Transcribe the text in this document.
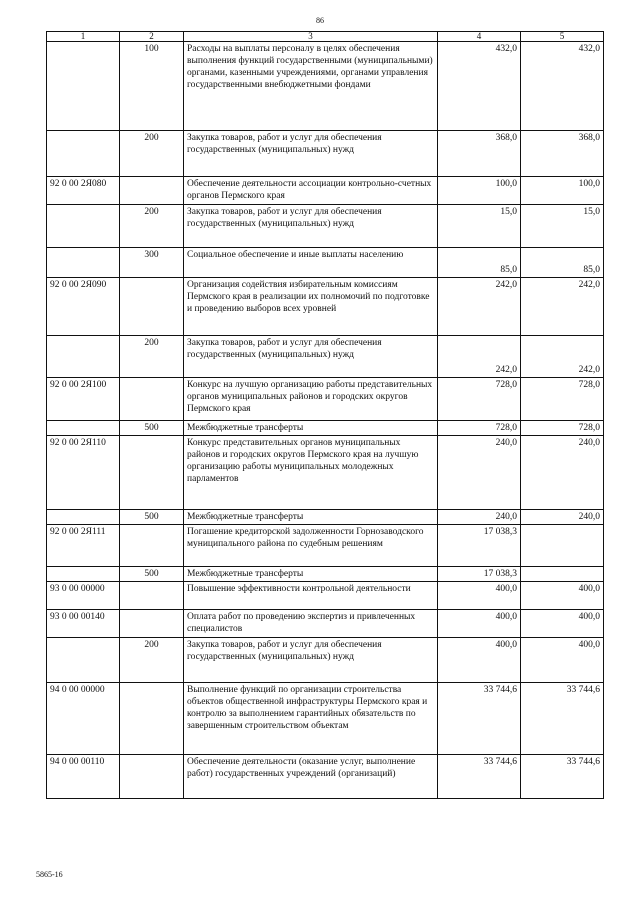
86
1	2	3	4	5
	100	Расходы на выплаты персоналу в целях обеспечения выполнения функций государственными (муниципальными) органами, казенными учреждениями, органами управления государственными внебюджетными фондами	432,0	432,0
	200	Закупка товаров, работ и услуг для обеспечения государственных (муниципальных) нужд	368,0	368,0
92 0 00 2Я080		Обеспечение деятельности ассоциации контрольно-счетных органов Пермского края	100,0	100,0
	200	Закупка товаров, работ и услуг для обеспечения государственных (муниципальных) нужд	15,0	15,0
	300	Социальное обеспечение и иные выплаты населению	85,0	85,0
92 0 00 2Я090		Организация содействия избирательным комиссиям Пермского края в реализации их полномочий по подготовке и проведению выборов всех уровней	242,0	242,0
	200	Закупка товаров, работ и услуг для обеспечения государственных (муниципальных) нужд	242,0	242,0
92 0 00 2Я100		Конкурс на лучшую организацию работы представительных органов муниципальных районов и городских округов Пермского края	728,0	728,0
	500	Межбюджетные трансферты	728,0	728,0
92 0 00 2Я110		Конкурс представительных органов муниципальных районов и городских округов Пермского края на лучшую организацию работы муниципальных молодежных парламентов	240,0	240,0
	500	Межбюджетные трансферты	240,0	240,0
92 0 00 2Я111		Погашение кредиторской задолженности Горнозаводского муниципального района по судебным решениям	17 038,3	
	500	Межбюджетные трансферты	17 038,3	
93 0 00 00000		Повышение эффективности контрольной деятельности	400,0	400,0
93 0 00 00140		Оплата работ по проведению экспертиз и привлеченных специалистов	400,0	400,0
	200	Закупка товаров, работ и услуг для обеспечения государственных (муниципальных) нужд	400,0	400,0
94 0 00 00000		Выполнение функций по организации строительства объектов общественной инфраструктуры Пермского края и контролю за выполнением гарантийных обязательств по завершенным строительством объектам	33 744,6	33 744,6
94 0 00 00110		Обеспечение деятельности (оказание услуг, выполнение работ) государственных учреждений (организаций)	33 744,6	33 744,6
5865-16
